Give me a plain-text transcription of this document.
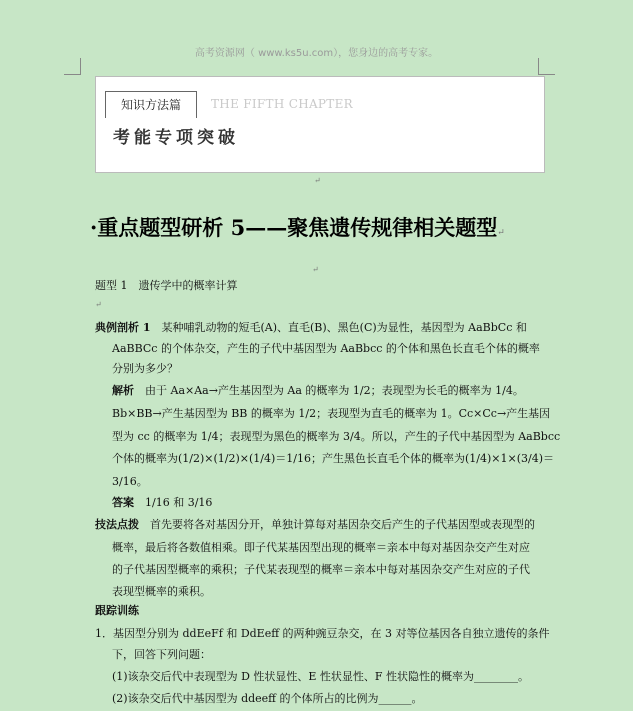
高考资源网（ www.ks5u.com），您身边的高考专家。
知识方法篇	THE FIFTH CHAPTER
考能专项突破
↵
·重点题型研析 5——聚焦遗传规律相关题型↵
↵
题型 1　遗传学中的概率计算
↵
典例剖析 1　 某种哺乳动物的短毛(A)、直毛(B)、黑色(C)为显性，基因型为 AaBbCc 和
AaBBCc 的个体杂交，产生的子代中基因型为 AaBbcc 的个体和黑色长直毛个体的概率
分别为多少？
解析　 由于 Aa×Aa→产生基因型为 Aa 的概率为 1/2；表现型为长毛的概率为 1/4。
Bb×BB→产生基因型为 BB 的概率为 1/2；表现型为直毛的概率为 1。Cc×Cc→产生基因
型为 cc 的概率为 1/4；表现型为黑色的概率为 3/4。所以，产生的子代中基因型为 AaBbcc
个体的概率为(1/2)×(1/2)×(1/4)＝1/16；产生黑色长直毛个体的概率为(1/4)×1×(3/4)＝
3/16。
答案　 1/16 和 3/16
技法点拨　 首先要将各对基因分开，单独计算每对基因杂交后产生的子代基因型或表现型的
概率，最后将各数值相乘。即子代某基因型出现的概率＝亲本中每对基因杂交产生对应
的子代基因型概率的乘积；子代某表现型的概率＝亲本中每对基因杂交产生对应的子代
表现型概率的乘积。
跟踪训练
1．基因型分别为 ddEeFf 和 DdEeff 的两种豌豆杂交，在 3 对等位基因各自独立遗传的条件
下，回答下列问题：
(1)该杂交后代中表现型为 D 性状显性、E 性状显性、F 性状隐性的概率为________。
(2)该杂交后代中基因型为 ddeeff 的个体所占的比例为______。
